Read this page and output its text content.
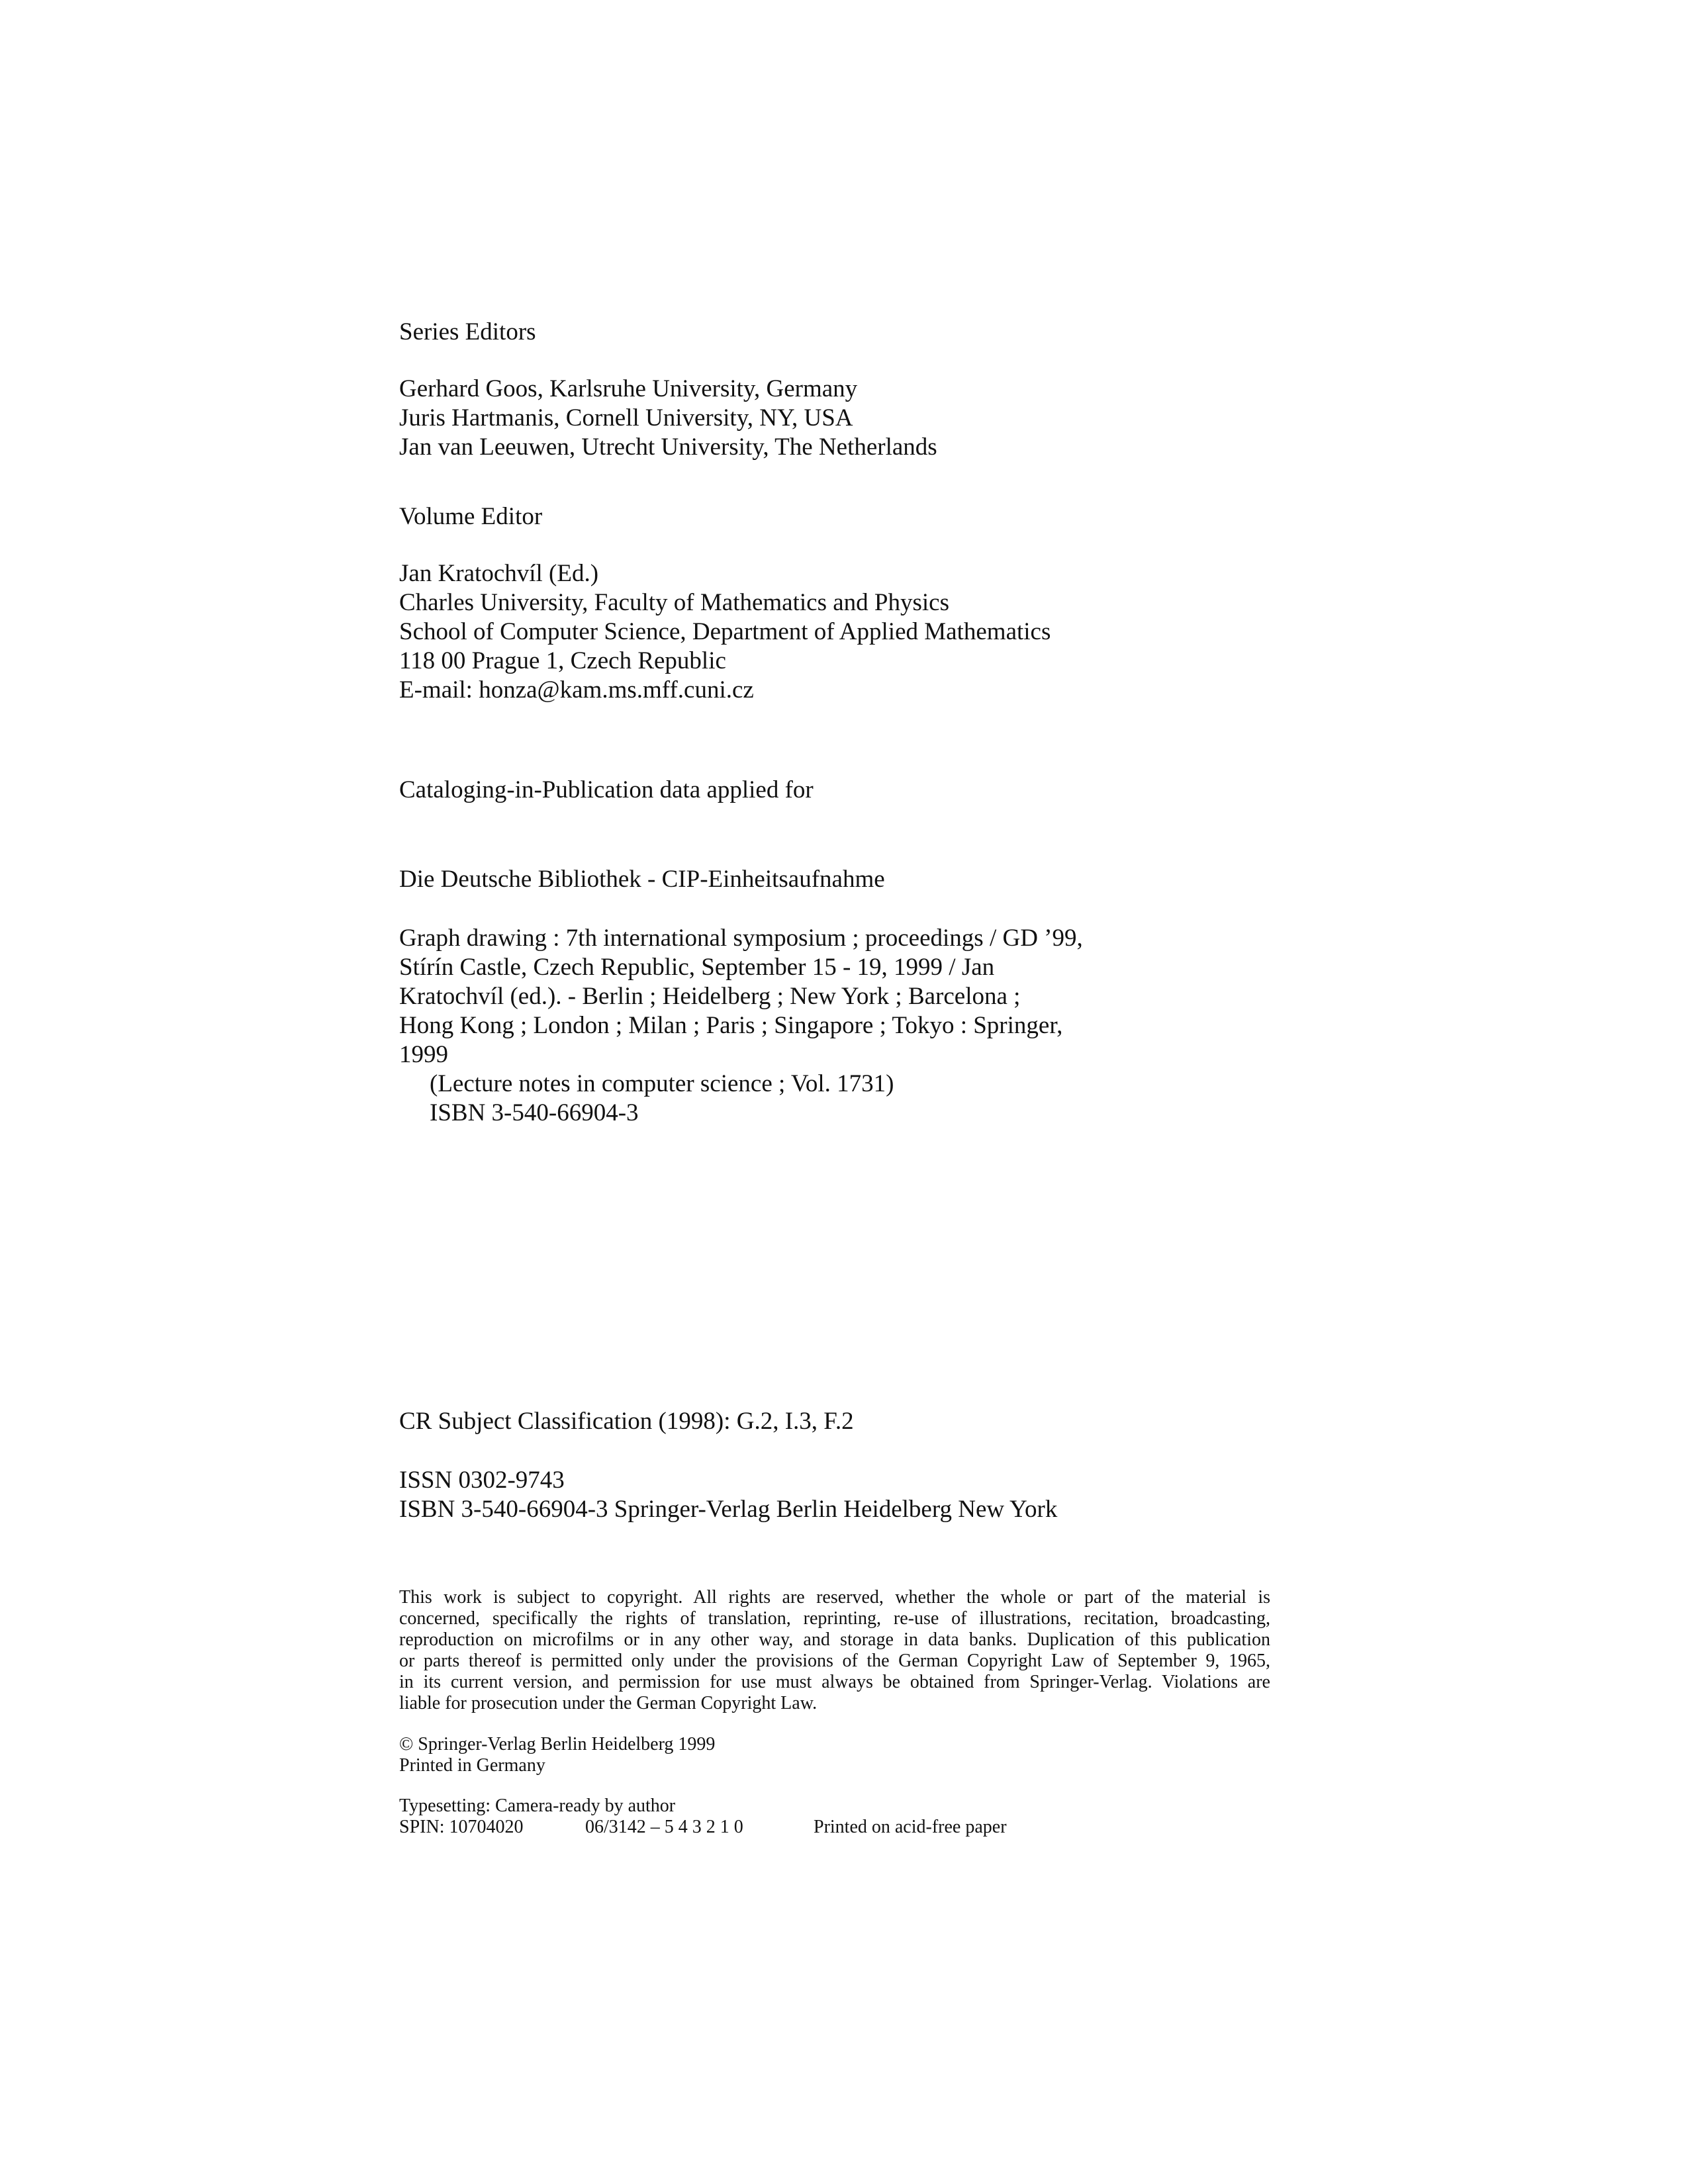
Series Editors

Gerhard Goos, Karlsruhe University, Germany
Juris Hartmanis, Cornell University, NY, USA
Jan van Leeuwen, Utrecht University, The Netherlands

Volume Editor

Jan Kratochvíl (Ed.)
Charles University, Faculty of Mathematics and Physics
School of Computer Science, Department of Applied Mathematics
118 00 Prague 1, Czech Republic
E-mail: honza@kam.ms.mff.cuni.cz

Cataloging-in-Publication data applied for

Die Deutsche Bibliothek - CIP-Einheitsaufnahme

Graph drawing : 7th international symposium ; proceedings / GD ’99,
Stírín Castle, Czech Republic, September 15 - 19, 1999 / Jan
Kratochvíl (ed.). - Berlin ; Heidelberg ; New York ; Barcelona ;
Hong Kong ; London ; Milan ; Paris ; Singapore ; Tokyo : Springer,
1999
(Lecture notes in computer science ; Vol. 1731)
ISBN 3-540-66904-3

CR Subject Classification (1998): G.2, I.3, F.2

ISSN 0302-9743
ISBN 3-540-66904-3 Springer-Verlag Berlin Heidelberg New York
This work is subject to copyright. All rights are reserved, whether the whole or part of the material is
concerned, specifically the rights of translation, reprinting, re-use of illustrations, recitation, broadcasting,
reproduction on microfilms or in any other way, and storage in data banks. Duplication of this publication
or parts thereof is permitted only under the provisions of the German Copyright Law of September 9, 1965,
in its current version, and permission for use must always be obtained from Springer-Verlag. Violations are
liable for prosecution under the German Copyright Law.
© Springer-Verlag Berlin Heidelberg 1999
Printed in Germany
Typesetting: Camera-ready by author
SPIN: 10704020	06/3142 – 5 4 3 2 1 0	Printed on acid-free paper
